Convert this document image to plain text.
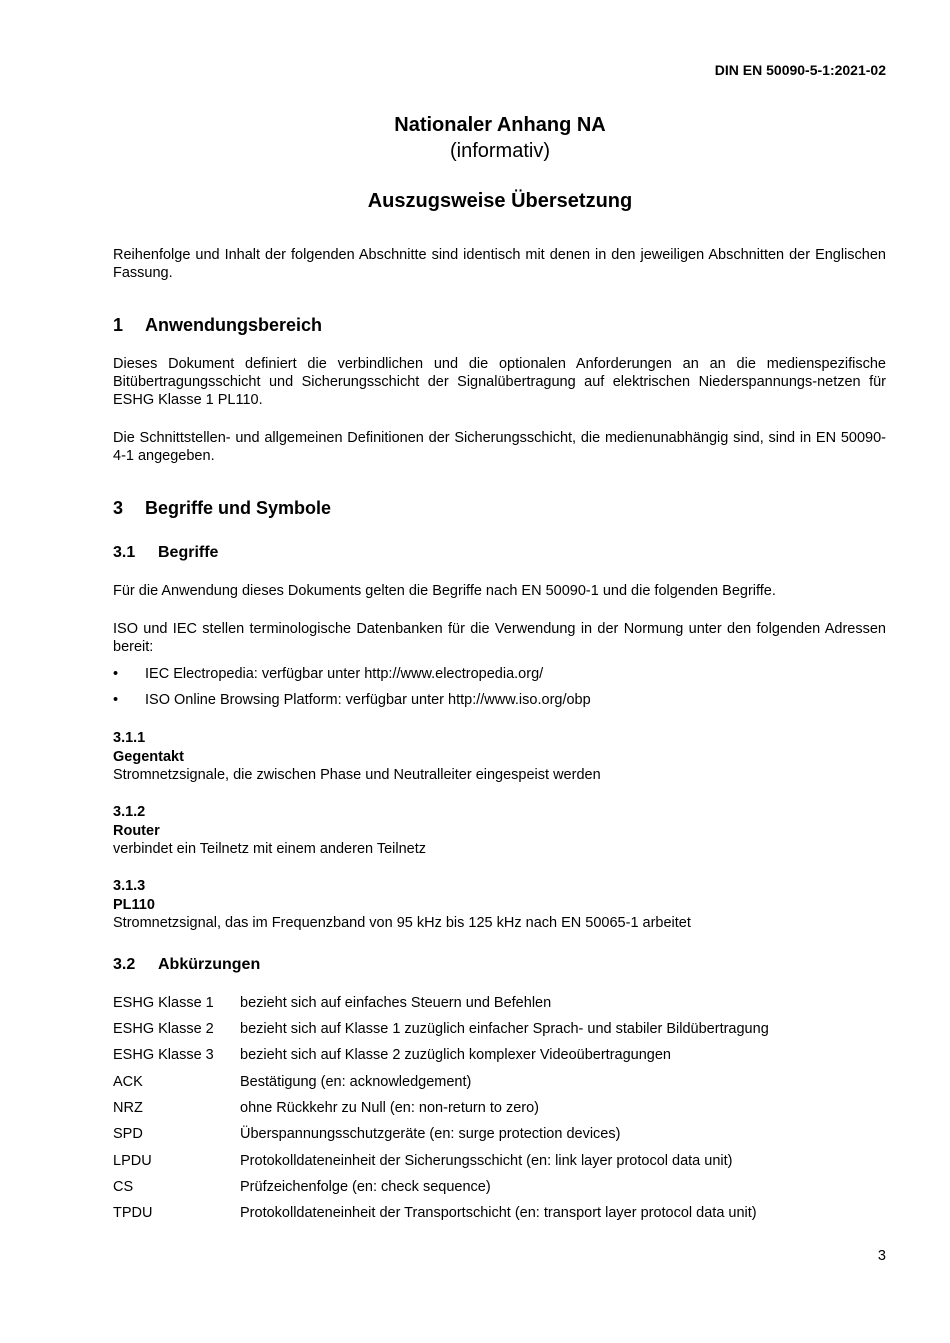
DIN EN 50090-5-1:2021-02
Nationaler Anhang NA
(informativ)
Auszugsweise Übersetzung
Reihenfolge und Inhalt der folgenden Abschnitte sind identisch mit denen in den jeweiligen Abschnitten der Englischen Fassung.
1 Anwendungsbereich
Dieses Dokument definiert die verbindlichen und die optionalen Anforderungen an an die medienspezifische Bitübertragungsschicht und Sicherungsschicht der Signalübertragung auf elektrischen Niederspannungs-netzen für ESHG Klasse 1 PL110.
Die Schnittstellen- und allgemeinen Definitionen der Sicherungsschicht, die medienunabhängig sind, sind in EN 50090-4-1 angegeben.
3 Begriffe und Symbole
3.1 Begriffe
Für die Anwendung dieses Dokuments gelten die Begriffe nach EN 50090-1 und die folgenden Begriffe.
ISO und IEC stellen terminologische Datenbanken für die Verwendung in der Normung unter den folgenden Adressen bereit:
• IEC Electropedia: verfügbar unter http://www.electropedia.org/
• ISO Online Browsing Platform: verfügbar unter http://www.iso.org/obp
3.1.1
Gegentakt
Stromnetzsignale, die zwischen Phase und Neutralleiter eingespeist werden
3.1.2
Router
verbindet ein Teilnetz mit einem anderen Teilnetz
3.1.3
PL110
Stromnetzsignal, das im Frequenzband von 95 kHz bis 125 kHz nach EN 50065-1 arbeitet
3.2 Abkürzungen
ESHG Klasse 1 bezieht sich auf einfaches Steuern und Befehlen
ESHG Klasse 2 bezieht sich auf Klasse 1 zuzüglich einfacher Sprach- und stabiler Bildübertragung
ESHG Klasse 3 bezieht sich auf Klasse 2 zuzüglich komplexer Videoübertragungen
ACK	Bestätigung (en: acknowledgement)
NRZ	ohne Rückkehr zu Null (en: non-return to zero)
SPD	Überspannungsschutzgeräte (en: surge protection devices)
LPDU	Protokolldateneinheit der Sicherungsschicht (en: link layer protocol data unit)
CS	Prüfzeichenfolge (en: check sequence)
TPDU	Protokolldateneinheit der Transportschicht (en: transport layer protocol data unit)
3
